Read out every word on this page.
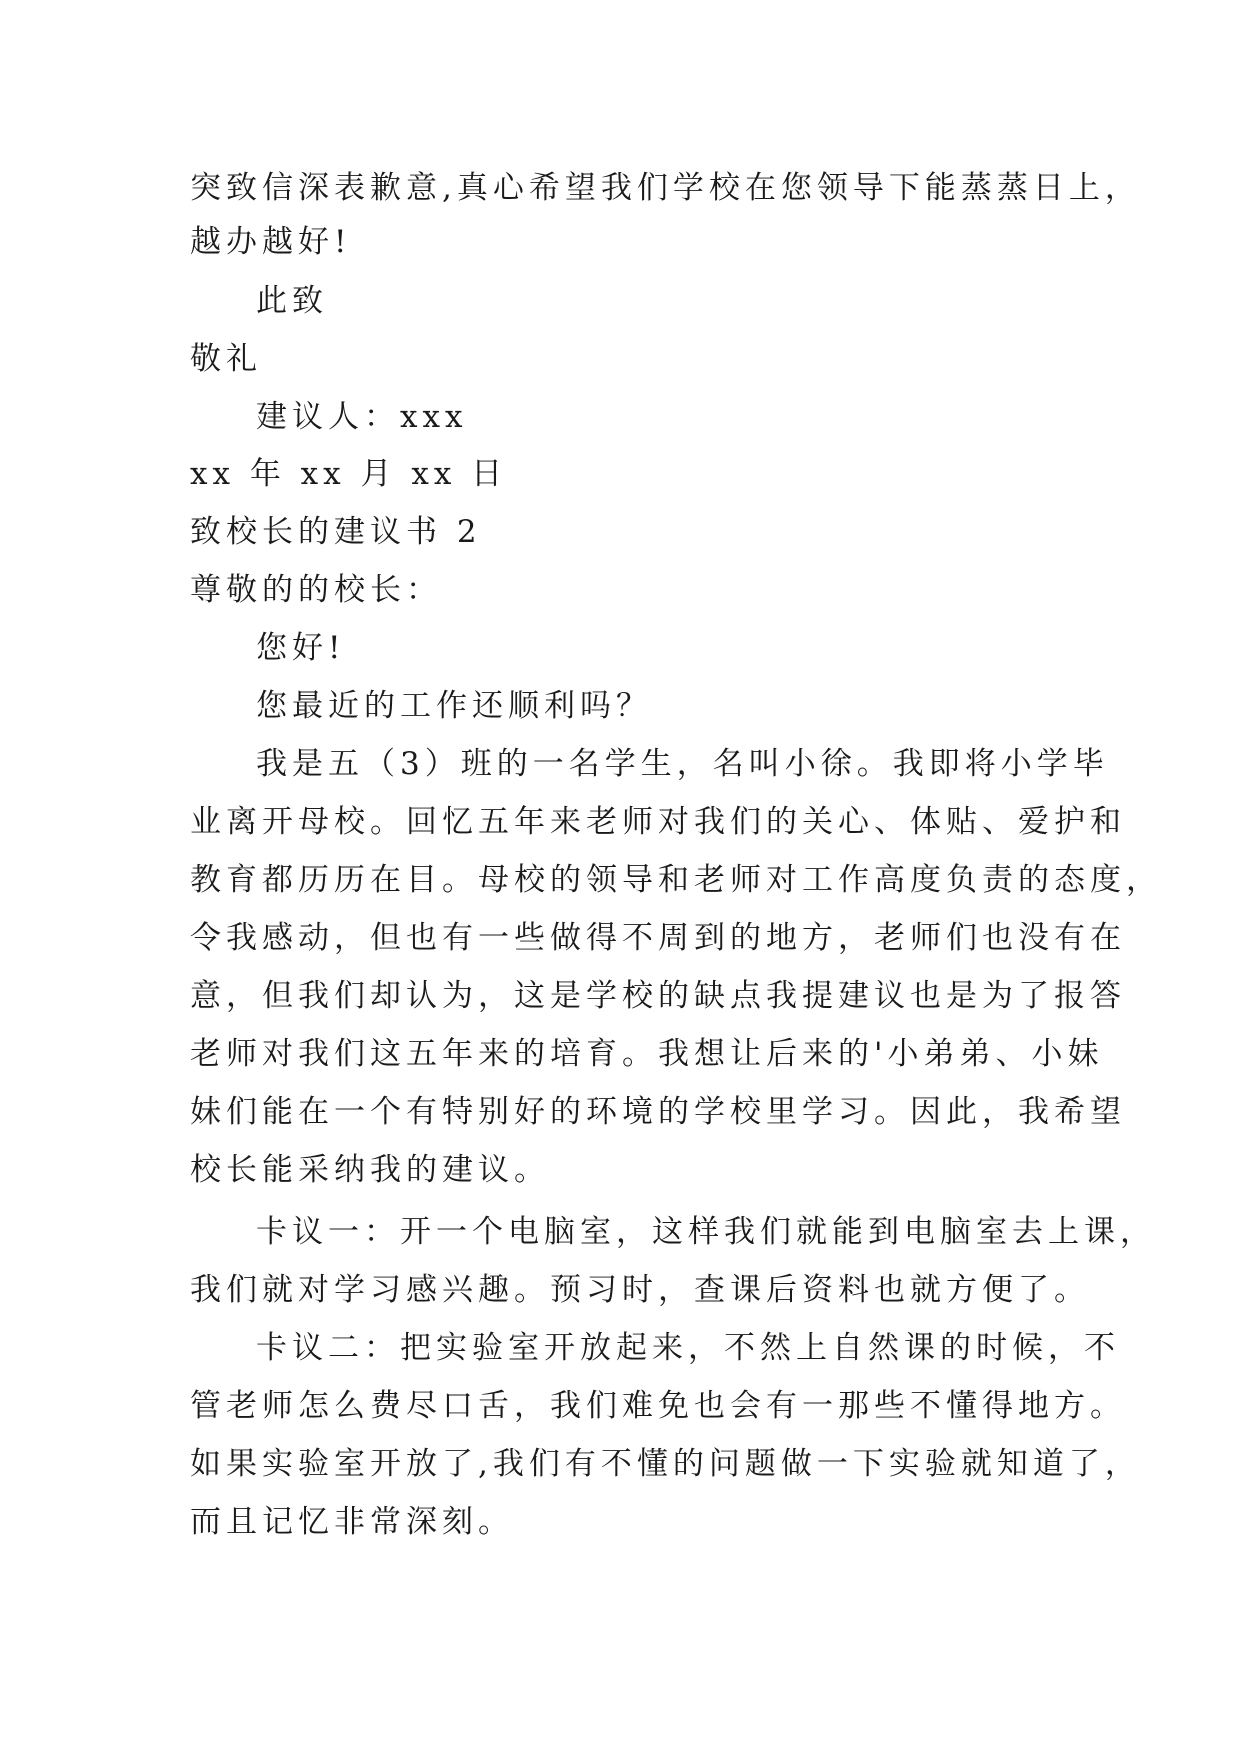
突致信深表歉意,真心希望我们学校在您领导下能蒸蒸日上，
越办越好!
此致
敬礼
建议人：xxx
xx 年 xx 月 xx 日
致校长的建议书 2
尊敬的的校长：
您好!
您最近的工作还顺利吗？
我是五（3）班的一名学生，名叫小徐。我即将小学毕
业离开母校。回忆五年来老师对我们的关心、体贴、爱护和
教育都历历在目。母校的领导和老师对工作高度负责的态度，
令我感动，但也有一些做得不周到的地方，老师们也没有在
意，但我们却认为，这是学校的缺点我提建议也是为了报答
老师对我们这五年来的培育。我想让后来的'小弟弟、小妹
妹们能在一个有特别好的环境的学校里学习。因此，我希望
校长能采纳我的建议。
卡议一：开一个电脑室，这样我们就能到电脑室去上课，
我们就对学习感兴趣。预习时，查课后资料也就方便了。
卡议二：把实验室开放起来，不然上自然课的时候，不
管老师怎么费尽口舌，我们难免也会有一那些不懂得地方。
如果实验室开放了,我们有不懂的问题做一下实验就知道了，
而且记忆非常深刻。
